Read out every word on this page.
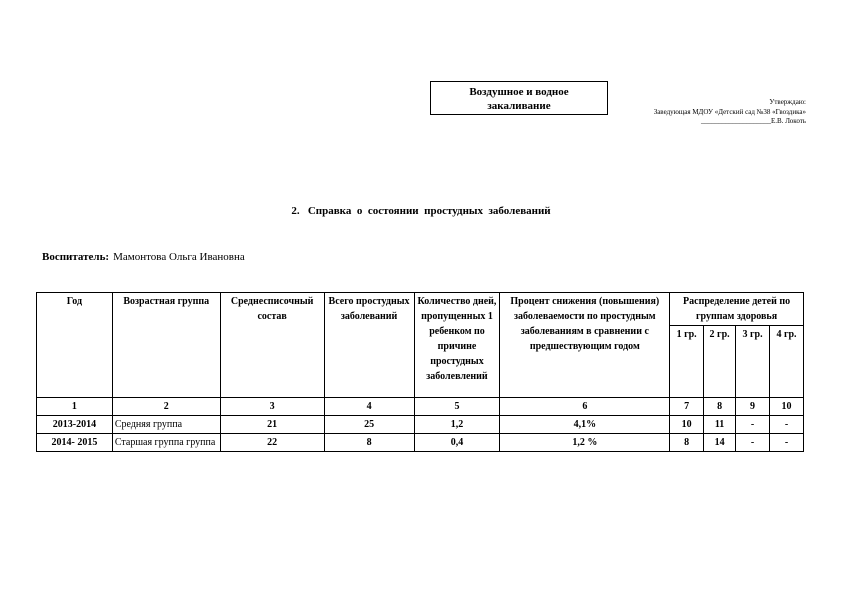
Воздушное и водное
закаливание	Утверждаю:
Заведующая МДОУ «Детский сад №38 «Гвоздика»
____________________Е.В. Локоть
2.   Справка  о  состоянии  простудных  заболеваний
Воспитатель: Мамонтова Ольга Ивановна
Год	Возрастная группа	Среднесписочный состав	Всего простудных заболеваний	Количество дней, пропущенных 1 ребенком по причине простудных заболевлений	Процент снижения (повышения) заболеваемости по простудным заболеваниям в сравнении с предшествующим годом	Распределение детей по группам здоровья			
						1 гр.	2 гр.	3 гр.	4 гр.
1	2	3	4	5	6	7	8	9	10
2013-2014	Средняя группа	21	25	1,2	4,1%	10	11	-	-
2014- 2015	Старшая группа группа	22	8	0,4	1,2 %	8	14	-	-
